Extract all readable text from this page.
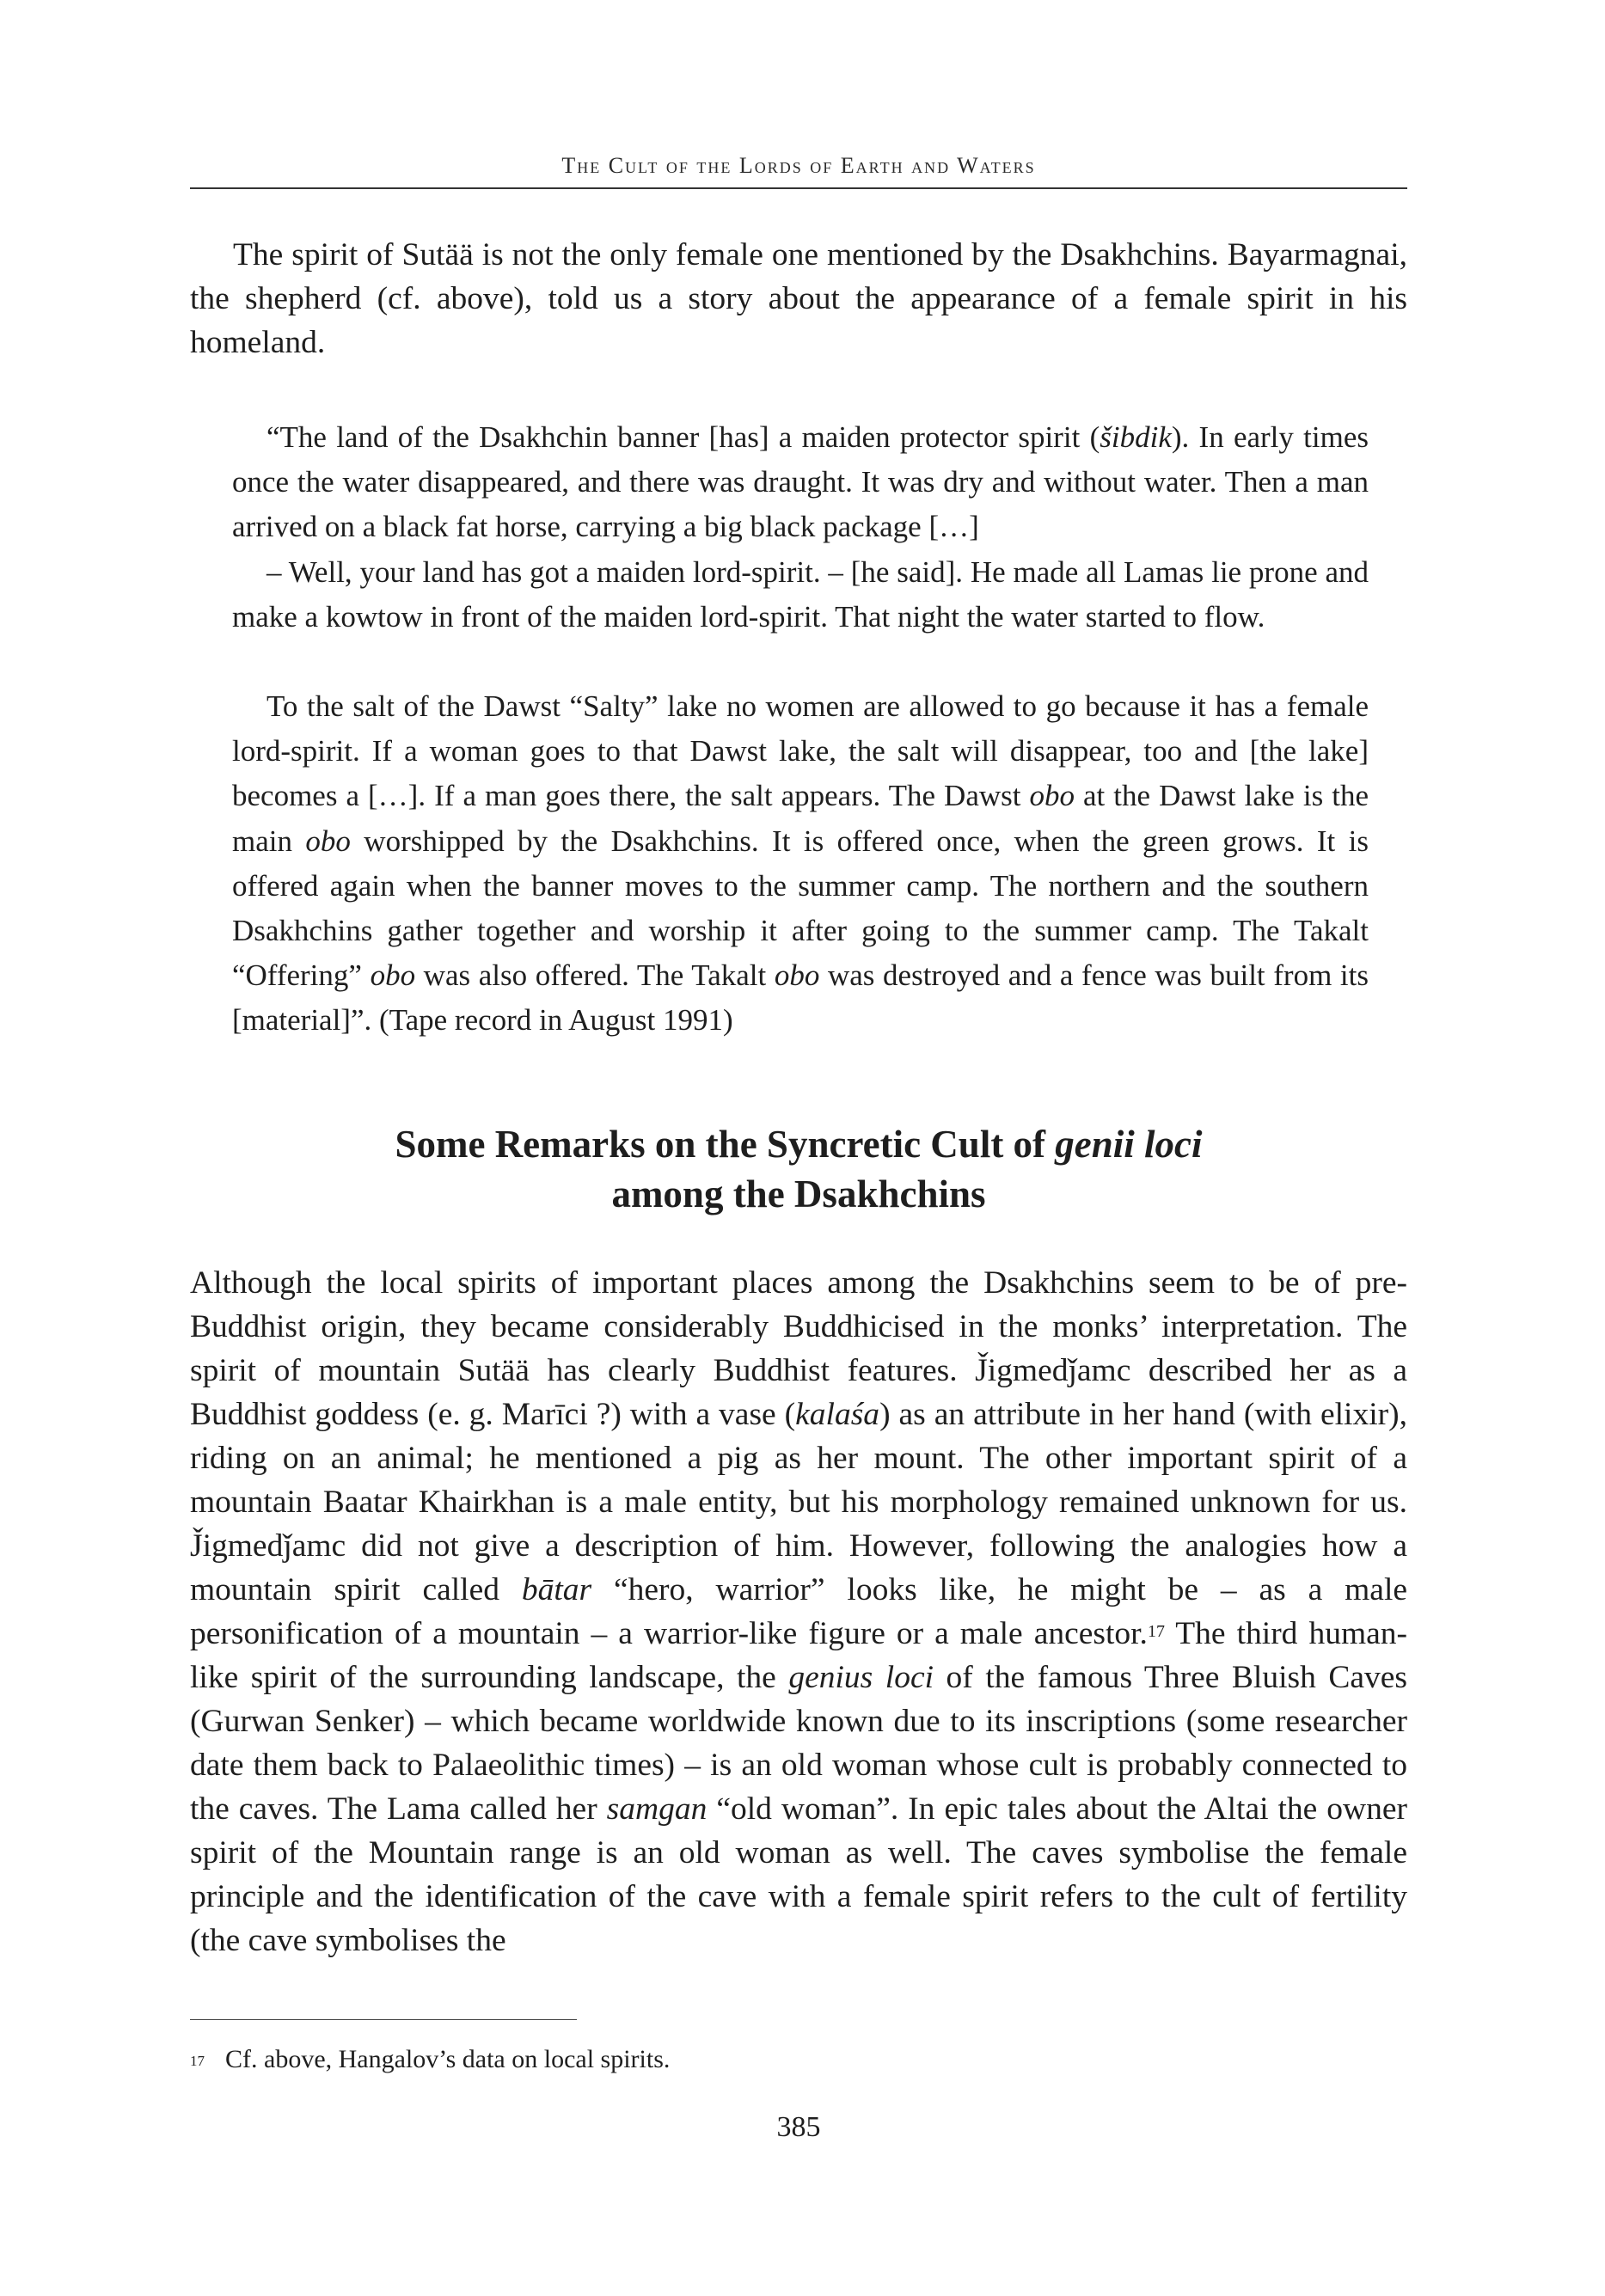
The Cult of the Lords of Earth and Waters

The spirit of Sutää is not the only female one mentioned by the Dsakhchins. Bayarmagnai, the shepherd (cf. above), told us a story about the appearance of a female spirit in his homeland.

“The land of the Dsakhchin banner [has] a maiden protector spirit (šibdik). In early times once the water disappeared, and there was draught. It was dry and without water. Then a man arrived on a black fat horse, carrying a big black package […]

– Well, your land has got a maiden lord-spirit. – [he said]. He made all Lamas lie prone and make a kowtow in front of the maiden lord-spirit. That night the water started to flow.

To the salt of the Dawst “Salty” lake no women are allowed to go because it has a female lord-spirit. If a woman goes to that Dawst lake, the salt will disappear, too and [the lake] becomes a […]. If a man goes there, the salt appears. The Dawst obo at the Dawst lake is the main obo worshipped by the Dsakhchins. It is offered once, when the green grows. It is offered again when the banner moves to the summer camp. The northern and the southern Dsakhchins gather together and worship it after going to the summer camp. The Takalt “Offering” obo was also offered. The Takalt obo was destroyed and a fence was built from its [material]”. (Tape record in August 1991)

Some Remarks on the Syncretic Cult of genii loci
among the Dsakhchins

Although the local spirits of important places among the Dsakhchins seem to be of pre-Buddhist origin, they became considerably Buddhicised in the monks’ interpretation. The spirit of mountain Sutää has clearly Buddhist features. J̌igmedǰamc described her as a Buddhist goddess (e. g. Marīci ?) with a vase (kalaśa) as an attribute in her hand (with elixir), riding on an animal; he mentioned a pig as her mount. The other important spirit of a mountain Baatar Khairkhan is a male entity, but his morphology remained unknown for us. J̌igmedǰamc did not give a description of him. However, following the analogies how a mountain spirit called bātar “hero, warrior” looks like, he might be – as a male personification of a mountain – a warrior-like figure or a male ancestor.$^{17}$ The third human-like spirit of the surrounding landscape, the genius loci of the famous Three Bluish Caves (Gurwan Senker) – which became worldwide known due to its inscriptions (some researcher date them back to Palaeolithic times) – is an old woman whose cult is probably connected to the caves. The Lama called her samgan “old woman”. In epic tales about the Altai the owner spirit of the Mountain range is an old woman as well. The caves symbolise the female principle and the identification of the cave with a female spirit refers to the cult of fertility (the cave symbolises the

$^{17}$ Cf. above, Hangalov’s data on local spirits.

385
